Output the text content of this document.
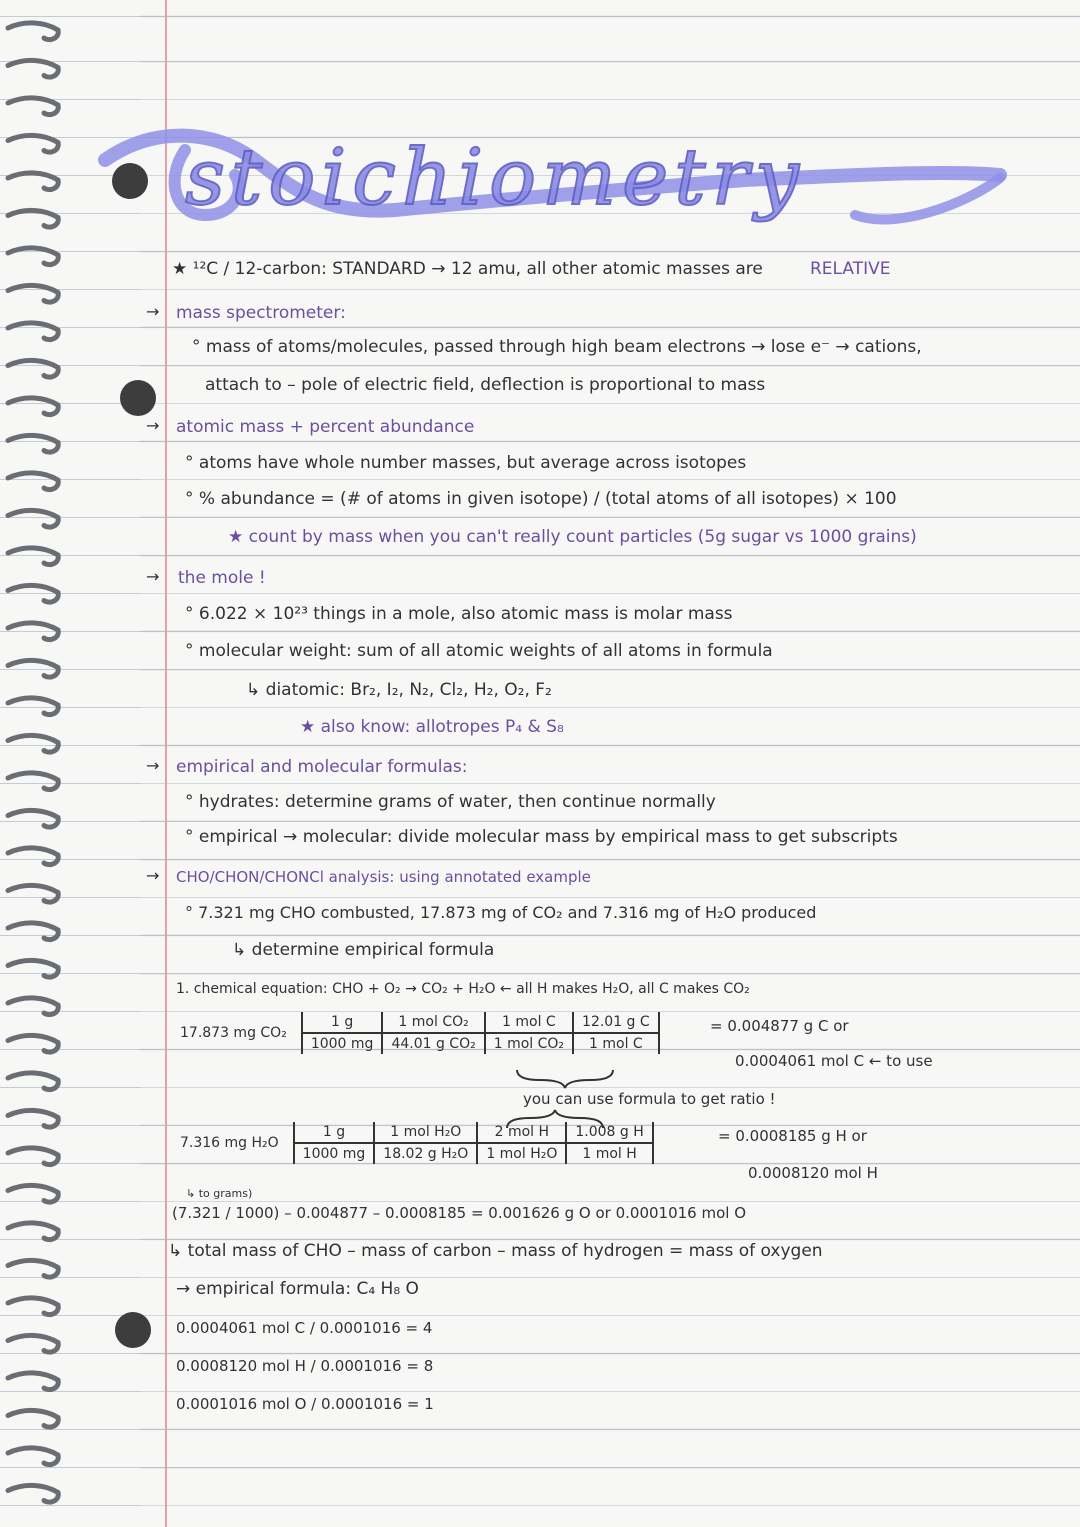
stoichiometry
→
→
→
→
→
★ ¹²C / 12-carbon: STANDARD → 12 amu, all other atomic masses are	RELATIVE
mass spectrometer:
° mass of atoms/molecules, passed through high beam electrons → lose e⁻ → cations,
attach to – pole of electric field, deflection is proportional to mass
atomic mass + percent abundance
° atoms have whole number masses, but average across isotopes
° % abundance = (# of atoms in given isotope) / (total atoms of all isotopes) × 100
★ count by mass when you can't really count particles (5g sugar vs 1000 grains)
the mole !
° 6.022 × 10²³ things in a mole, also atomic mass is molar mass
° molecular weight: sum of all atomic weights of all atoms in formula
↳ diatomic: Br₂, I₂, N₂, Cl₂, H₂, O₂, F₂
★ also know: allotropes P₄ & S₈
empirical and molecular formulas:
° hydrates: determine grams of water, then continue normally
° empirical → molecular: divide molecular mass by empirical mass to get subscripts
CHO/CHON/CHONCl analysis: using annotated example
° 7.321 mg CHO combusted, 17.873 mg of CO₂ and 7.316 mg of H₂O produced
↳ determine empirical formula
1. chemical equation: CHO + O₂ → CO₂ + H₂O ← all H makes H₂O, all C makes CO₂
17.873 mg CO₂	1 g	1 mol CO₂	1 mol C	12.01 g C
	1000 mg	44.01 g CO₂	1 mol CO₂	1 mol C
= 0.004877 g C or
0.0004061 mol C ← to use
you can use formula to get ratio !
7.316 mg H₂O	1 g	1 mol H₂O	2 mol H	1.008 g H
	1000 mg	18.02 g H₂O	1 mol H₂O	1 mol H
= 0.0008185 g H or
0.0008120 mol H
↳ to grams)
(7.321 / 1000) – 0.004877 – 0.0008185 = 0.001626 g O or 0.0001016 mol O
↳ total mass of CHO – mass of carbon – mass of hydrogen = mass of oxygen
→ empirical formula: C₄ H₈ O
0.0004061 mol C / 0.0001016 = 4
0.0008120 mol H / 0.0001016 = 8
0.0001016 mol O / 0.0001016 = 1
